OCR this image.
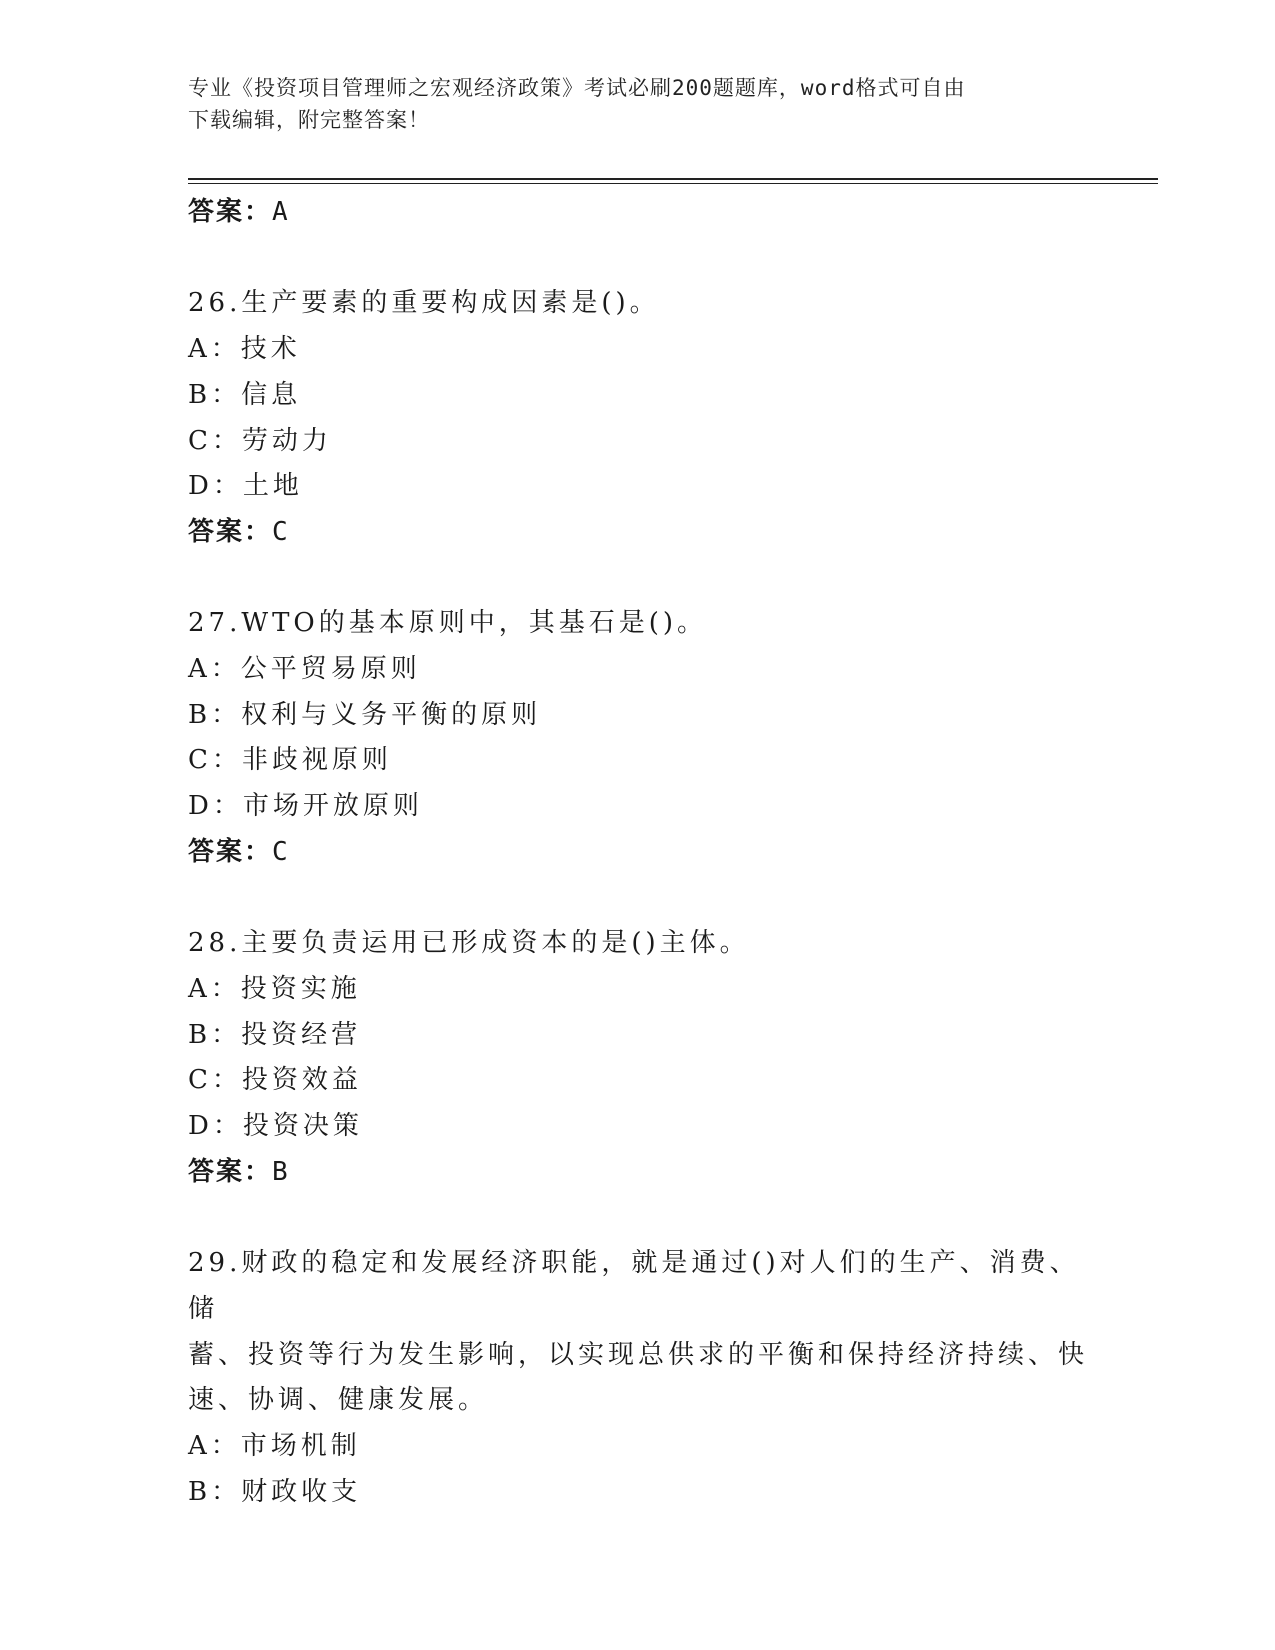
专业《投资项目管理师之宏观经济政策》考试必刷200题题库，word格式可自由
下载编辑，附完整答案！
答案：A
26.生产要素的重要构成因素是()。
A：技术
B：信息
C：劳动力
D：土地
答案：C
27.WTO的基本原则中，其基石是()。
A：公平贸易原则
B：权利与义务平衡的原则
C：非歧视原则
D：市场开放原则
答案：C
28.主要负责运用已形成资本的是()主体。
A：投资实施
B：投资经营
C：投资效益
D：投资决策
答案：B
29.财政的稳定和发展经济职能，就是通过()对人们的生产、消费、储
蓄、投资等行为发生影响，以实现总供求的平衡和保持经济持续、快
速、协调、健康发展。
A：市场机制
B：财政收支
